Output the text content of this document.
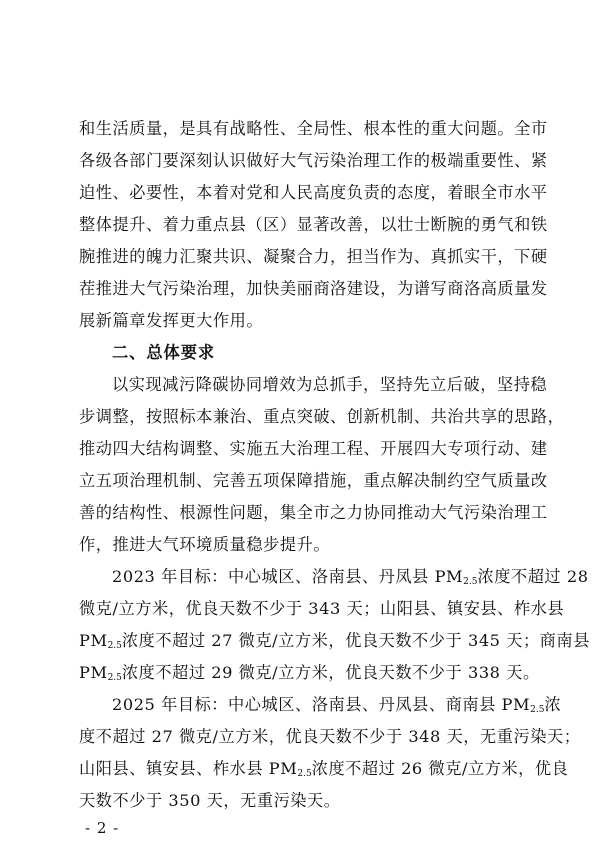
和生活质量，是具有战略性、全局性、根本性的重大问题。全市
各级各部门要深刻认识做好大气污染治理工作的极端重要性、紧
迫性、必要性，本着对党和人民高度负责的态度，着眼全市水平
整体提升、着力重点县（区）显著改善，以壮士断腕的勇气和铁
腕推进的魄力汇聚共识、凝聚合力，担当作为、真抓实干，下硬
茬推进大气污染治理，加快美丽商洛建设，为谱写商洛高质量发
展新篇章发挥更大作用。
二、总体要求
以实现减污降碳协同增效为总抓手，坚持先立后破，坚持稳
步调整，按照标本兼治、重点突破、创新机制、共治共享的思路，
推动四大结构调整、实施五大治理工程、开展四大专项行动、建
立五项治理机制、完善五项保障措施，重点解决制约空气质量改
善的结构性、根源性问题，集全市之力协同推动大气污染治理工
作，推进大气环境质量稳步提升。
2023 年目标：中心城区、洛南县、丹凤县 $PM_{2.5}$浓度不超过 28
微克/立方米，优良天数不少于 343 天；山阳县、镇安县、柞水县
$PM_{2.5}$浓度不超过 27 微克/立方米，优良天数不少于 345 天；商南县
$PM_{2.5}$浓度不超过 29 微克/立方米，优良天数不少于 338 天。
2025 年目标：中心城区、洛南县、丹凤县、商南县 $PM_{2.5}$浓
度不超过 27 微克/立方米，优良天数不少于 348 天，无重污染天；
山阳县、镇安县、柞水县 $PM_{2.5}$浓度不超过 26 微克/立方米，优良
天数不少于 350 天，无重污染天。
- 2 -
